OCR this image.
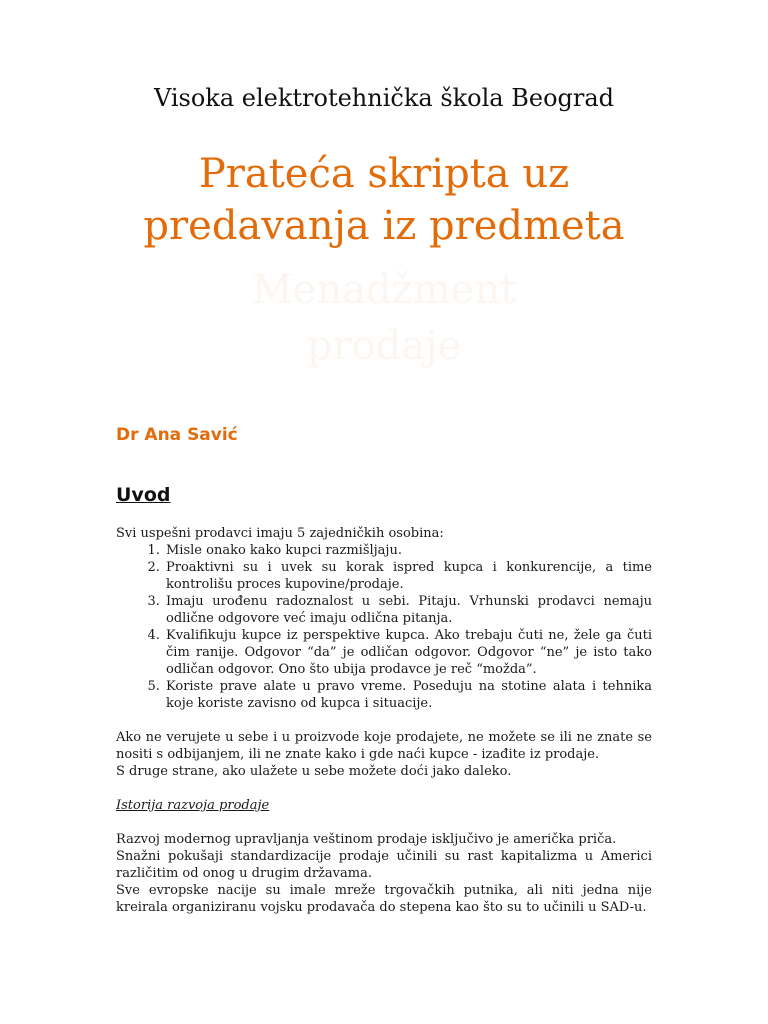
Visoka elektrotehnička škola Beograd
Prateća skripta uz
predavanja iz predmeta
Menadžment
prodaje
Dr Ana Savić
Uvod

Svi uspešni prodavci imaju 5 zajedničkih osobina:

1. Misle onako kako kupci razmišljaju.
2. Proaktivni su i uvek su korak ispred kupca i konkurencije, a time kontrolišu proces kupovine/prodaje.
3. Imaju urođenu radoznalost u sebi. Pitaju. Vrhunski prodavci nemaju odlične odgovore već imaju odlična pitanja.
4. Kvalifikuju kupce iz perspektive kupca. Ako trebaju čuti ne, žele ga čuti čim ranije. Odgovor “da” je odličan odgovor. Odgovor “ne” je isto tako odličan odgovor. Ono što ubija prodavce je reč “možda”.
5. Koriste prave alate u pravo vreme. Poseduju na stotine alata i tehnika koje koriste zavisno od kupca i situacije.

Ako ne verujete u sebe i u proizvode koje prodajete, ne možete se ili ne znate se nositi s odbijanjem, ili ne znate kako i gde naći kupce - izađite iz prodaje.

S druge strane, ako ulažete u sebe možete doći jako daleko.

Istorija razvoja prodaje

Razvoj modernog upravljanja veštinom prodaje isključivo je američka priča.

Snažni pokušaji standardizacije prodaje učinili su rast kapitalizma u Americi različitim od onog u drugim državama.

Sve evropske nacije su imale mreže trgovačkih putnika, ali niti jedna nije kreirala organiziranu vojsku prodavača do stepena kao što su to učinili u SAD-u.
